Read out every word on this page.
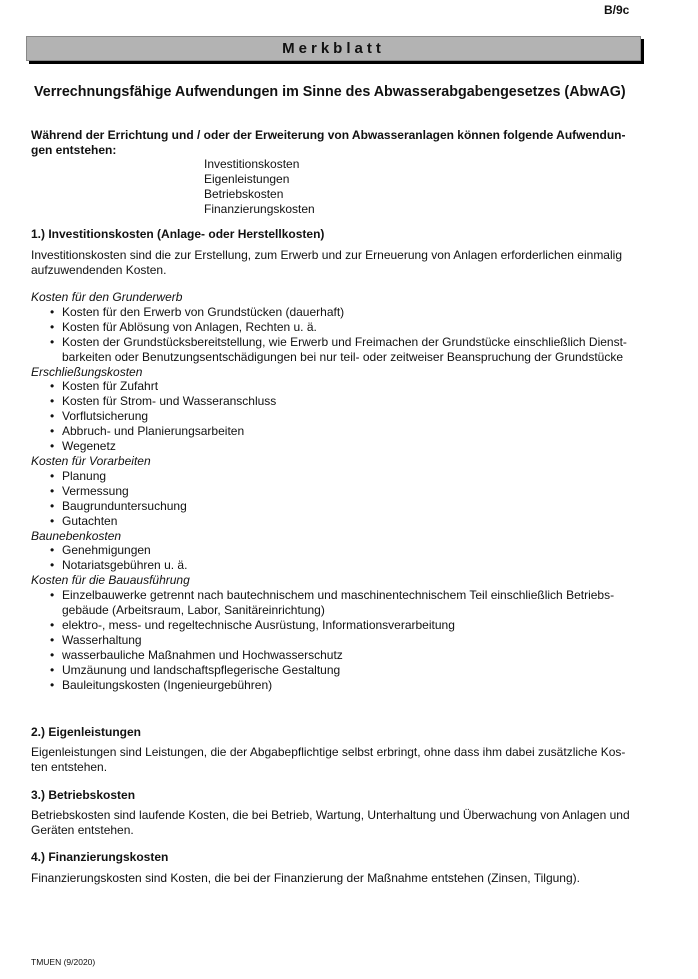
B/9c
Merkblatt
Verrechnungsfähige Aufwendungen im Sinne des Abwasserabgabengesetzes (AbwAG)
Während der Errichtung und / oder der Erweiterung von Abwasseranlagen können folgende Aufwendun-
gen entstehen:
Investitionskosten
Eigenleistungen
Betriebskosten
Finanzierungskosten
1.) Investitionskosten (Anlage- oder Herstellkosten)
Investitionskosten sind die zur Erstellung, zum Erwerb und zur Erneuerung von Anlagen erforderlichen einmalig
aufzuwendenden Kosten.
Kosten für den Grunderwerb
• Kosten für den Erwerb von Grundstücken (dauerhaft)
• Kosten für Ablösung von Anlagen, Rechten u. ä.
• Kosten der Grundstücksbereitstellung, wie Erwerb und Freimachen der Grundstücke einschließlich Dienst-
barkeiten oder Benutzungsentschädigungen bei nur teil- oder zeitweiser Beanspruchung der Grundstücke
Erschließungskosten
• Kosten für Zufahrt
• Kosten für Strom- und Wasseranschluss
• Vorflutsicherung
• Abbruch- und Planierungsarbeiten
• Wegenetz
Kosten für Vorarbeiten
• Planung
• Vermessung
• Baugrunduntersuchung
• Gutachten
Baunebenkosten
• Genehmigungen
• Notariatsgebühren u. ä.
Kosten für die Bauausführung
• Einzelbauwerke getrennt nach bautechnischem und maschinentechnischem Teil einschließlich Betriebs-
gebäude (Arbeitsraum, Labor, Sanitäreinrichtung)
• elektro-, mess- und regeltechnische Ausrüstung, Informationsverarbeitung
• Wasserhaltung
• wasserbauliche Maßnahmen und Hochwasserschutz
• Umzäunung und landschaftspflegerische Gestaltung
• Bauleitungskosten (Ingenieurgebühren)
2.) Eigenleistungen
Eigenleistungen sind Leistungen, die der Abgabepflichtige selbst erbringt, ohne dass ihm dabei zusätzliche Kos-
ten entstehen.
3.) Betriebskosten
Betriebskosten sind laufende Kosten, die bei Betrieb, Wartung, Unterhaltung und Überwachung von Anlagen und
Geräten entstehen.
4.) Finanzierungskosten
Finanzierungskosten sind Kosten, die bei der Finanzierung der Maßnahme entstehen (Zinsen, Tilgung).
TMUEN (9/2020)
